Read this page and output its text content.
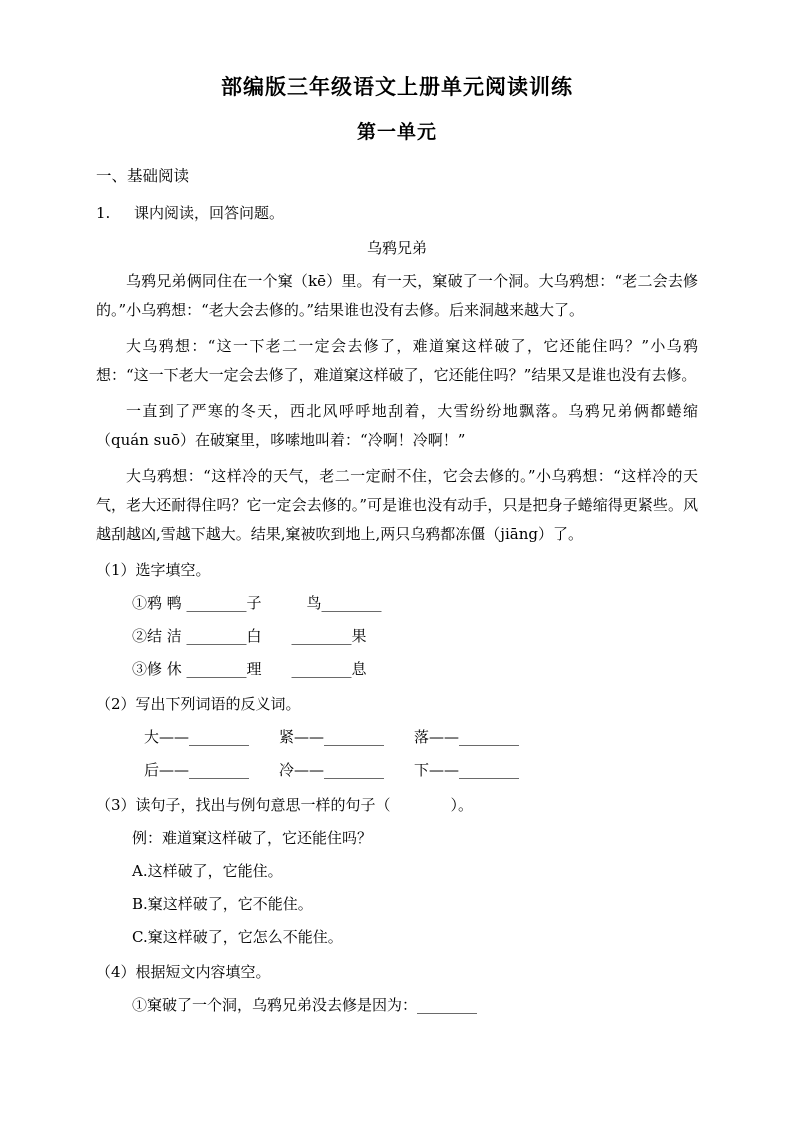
部编版三年级语文上册单元阅读训练
第一单元
一、基础阅读
1. 课内阅读，回答问题。
乌鸦兄弟

乌鸦兄弟俩同住在一个窠（kē）里。有一天，窠破了一个洞。大乌鸦想：“老二会去修的。”小乌鸦想：“老大会去修的。”结果谁也没有去修。后来洞越来越大了。

大乌鸦想：“这一下老二一定会去修了，难道窠这样破了，它还能住吗？”小乌鸦想：“这一下老大一定会去修了，难道窠这样破了，它还能住吗？”结果又是谁也没有去修。

一直到了严寒的冬天，西北风呼呼地刮着，大雪纷纷地飘落。乌鸦兄弟俩都蜷缩（quán suō）在破窠里，哆嗦地叫着：“冷啊！冷啊！”

大乌鸦想：“这样冷的天气，老二一定耐不住，它会去修的。”小乌鸦想：“这样冷的天气，老大还耐得住吗？它一定会去修的。”可是谁也没有动手，只是把身子蜷缩得更紧些。风越刮越凶,雪越下越大。结果,窠被吹到地上,两只乌鸦都冻僵（jiāng）了。

（1）选字填空。
①鸦 鸭 ________子　　　鸟________
②结 洁 ________白　　________果
③修 休 ________理　　________息
（2）写出下列词语的反义词。
大——________　　紧——________　　落——________
后——________　　冷——________　　下——________
（3）读句子，找出与例句意思一样的句子（　　　　）。
例：难道窠这样破了，它还能住吗？
A.这样破了，它能住。
B.窠这样破了，它不能住。
C.窠这样破了，它怎么不能住。
（4）根据短文内容填空。
①窠破了一个洞，乌鸦兄弟没去修是因为：________
